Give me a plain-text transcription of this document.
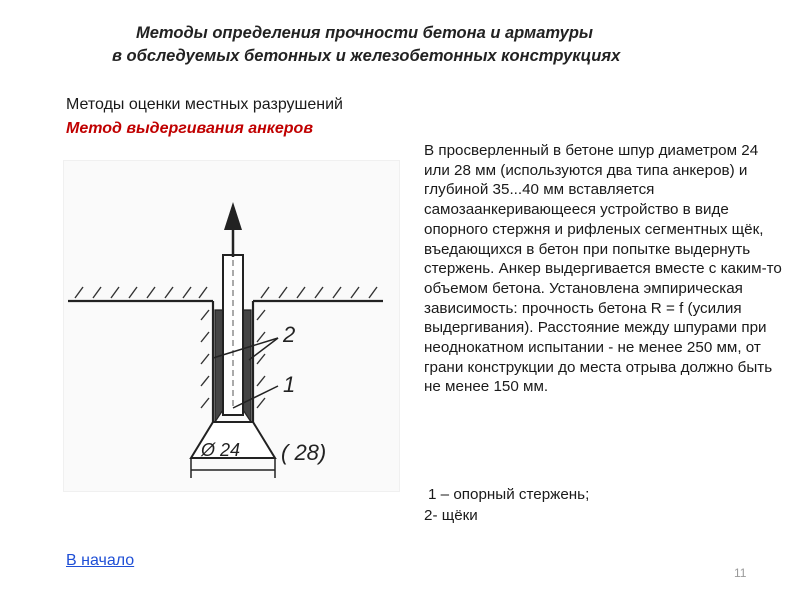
Методы определения прочности бетона и арматуры
в обследуемых бетонных и железобетонных конструкциях
Методы оценки местных разрушений
Метод выдергивания анкеров
2
1
Ø 24 ( 28)

В просверленный в бетоне шпур диаметром 24 или 28 мм (используются два типа анкеров) и глубиной 35...40 мм вставляется самозаанкеривающееся устройство в виде опорного стержня и рифленых сегментных щёк, въедающихся в бетон при попытке выдернуть стержень. Анкер выдергивается вместе с каким-то объемом бетона. Установлена эмпирическая зависимость: прочность бетона R = f (усилия выдергивания). Расстояние между шпурами при неоднокатном испытании - не менее 250 мм, от грани конструкции до места отрыва должно быть не менее 150 мм.

1 – опорный стержень;
2- щёки
В начало
11
